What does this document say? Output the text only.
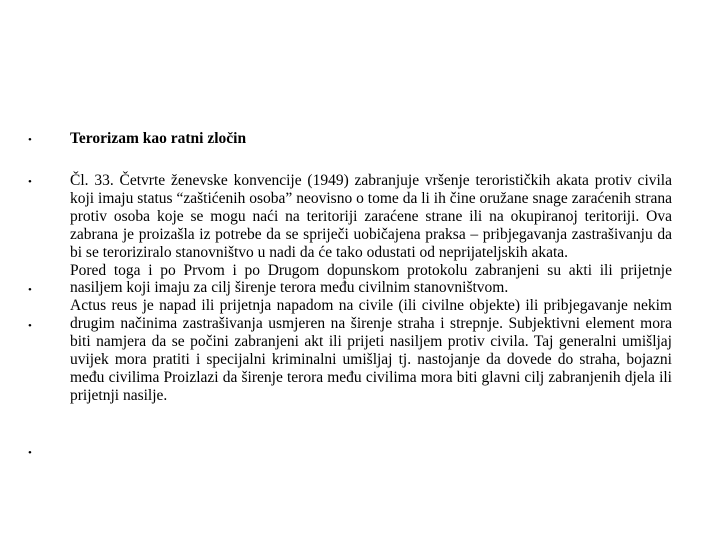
• Terorizam kao ratni zločin
•
•
•
•

Čl. 33. Četvrte ženevske konvencije (1949) zabranjuje vršenje terorističkih akata protiv civila koji imaju status “zaštićenih osoba” neovisno o tome da li ih čine oružane snage zaraćenih strana protiv osoba koje se mogu naći na teritoriji zaraćene strane ili na okupiranoj teritoriji. Ova zabrana je proizašla iz potrebe da se spriječi uobičajena praksa – pribjegavanja zastrašivanju da bi se teroriziralo stanovništvo u nadi da će tako odustati od neprijateljskih akata.

Pored toga i po Prvom i po Drugom dopunskom protokolu zabranjeni su akti ili prijetnje nasiljem koji imaju za cilj širenje terora među civilnim stanovništvom.

Actus reus je napad ili prijetnja napadom na civile (ili civilne objekte) ili pribjegavanje nekim drugim načinima zastrašivanja usmjeren na širenje straha i strepnje. Subjektivni element mora biti namjera da se počini zabranjeni akt ili prijeti nasiljem protiv civila. Taj generalni umišljaj uvijek mora pratiti i specijalni kriminalni umišljaj tj. nastojanje da dovede do straha, bojazni među civilima Proizlazi da širenje terora među civilima mora biti glavni cilj zabranjenih djela ili prijetnji nasilje.
